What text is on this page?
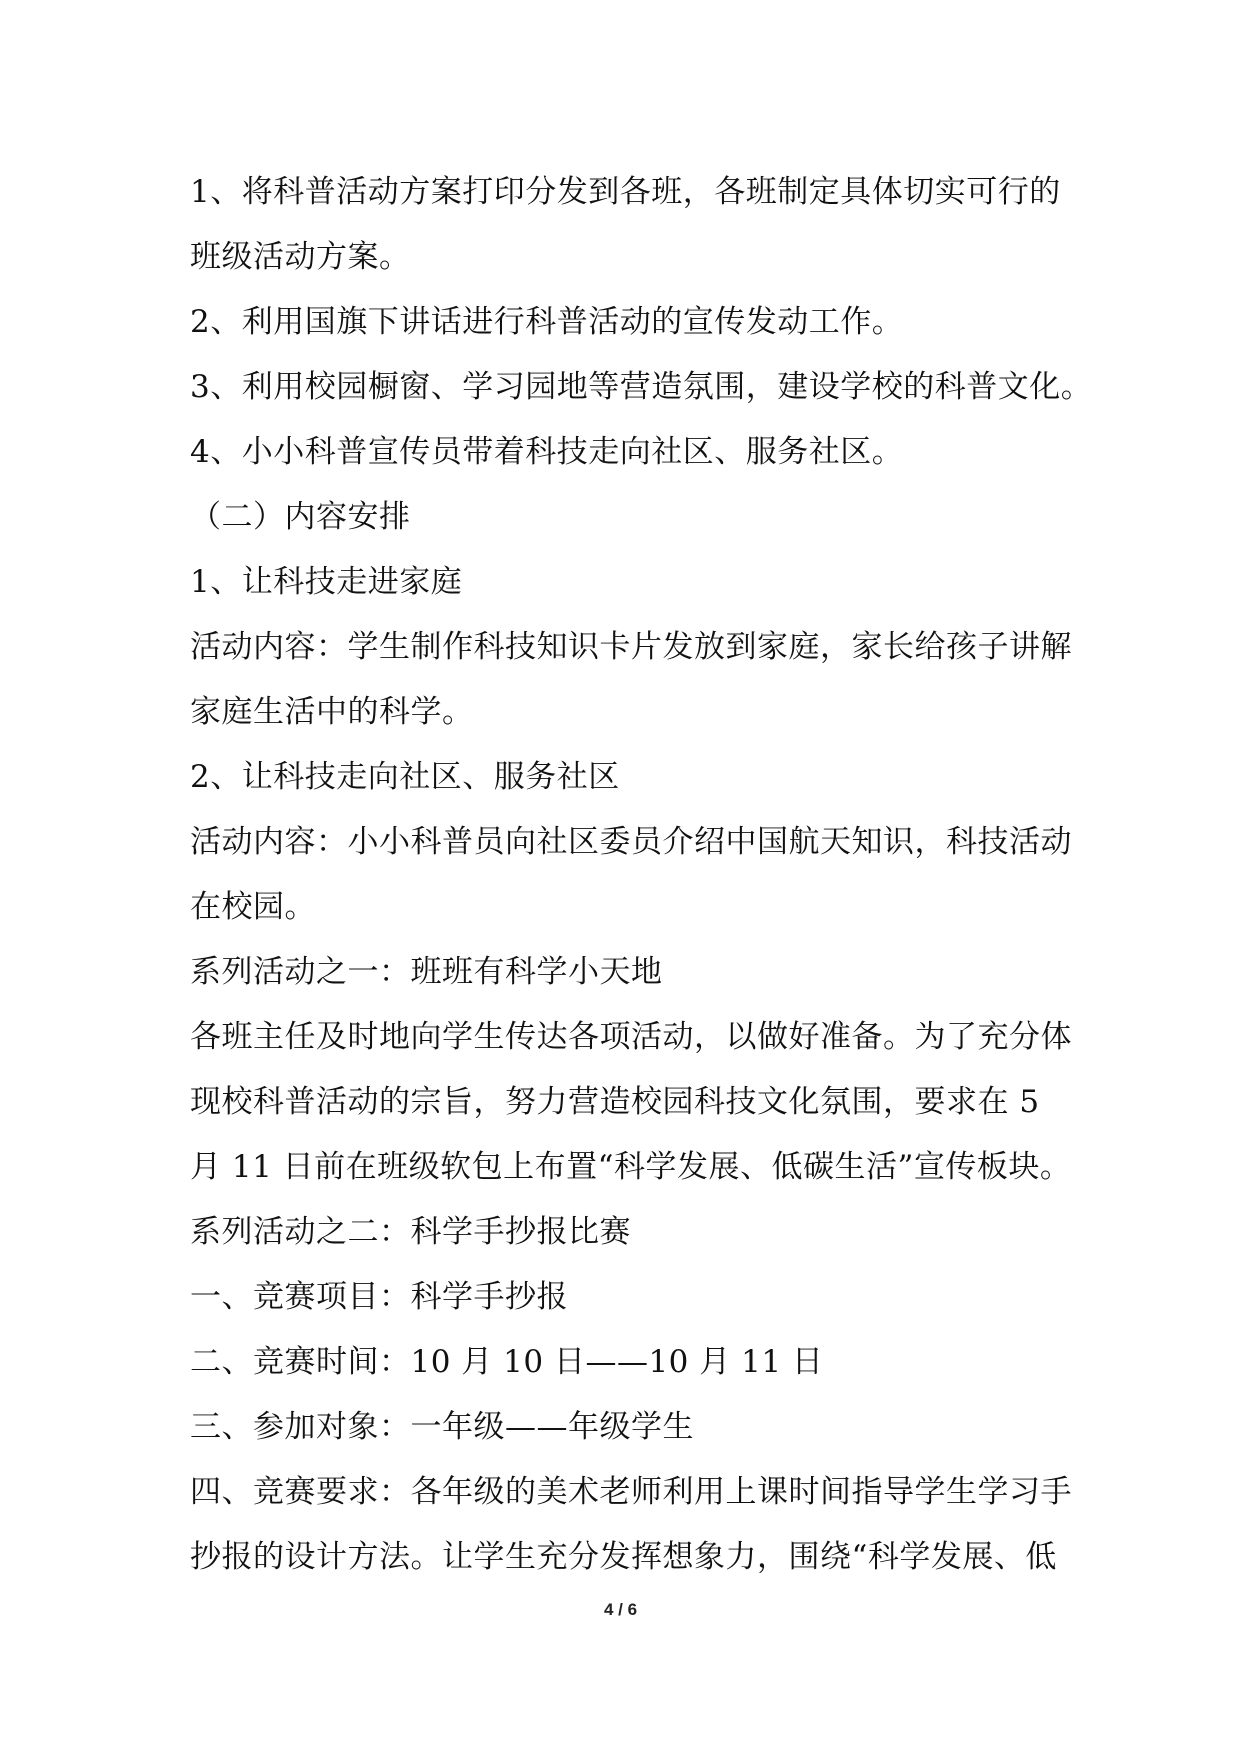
1、将科普活动方案打印分发到各班，各班制定具体切实可行的
班级活动方案。
2、利用国旗下讲话进行科普活动的宣传发动工作。
3、利用校园橱窗、学习园地等营造氛围，建设学校的科普文化。
4、小小科普宣传员带着科技走向社区、服务社区。
（二）内容安排
1、让科技走进家庭
活动内容：学生制作科技知识卡片发放到家庭，家长给孩子讲解
家庭生活中的科学。
2、让科技走向社区、服务社区
活动内容：小小科普员向社区委员介绍中国航天知识，科技活动
在校园。
系列活动之一：班班有科学小天地
各班主任及时地向学生传达各项活动，以做好准备。为了充分体
现校科普活动的宗旨，努力营造校园科技文化氛围，要求在 5
月 11 日前在班级软包上布置“科学发展、低碳生活”宣传板块。
系列活动之二：科学手抄报比赛
一、竞赛项目：科学手抄报
二、竞赛时间：10 月 10 日——10 月 11 日
三、参加对象：一年级——年级学生
四、竞赛要求：各年级的美术老师利用上课时间指导学生学习手
抄报的设计方法。让学生充分发挥想象力，围绕“科学发展、低
4 / 6
